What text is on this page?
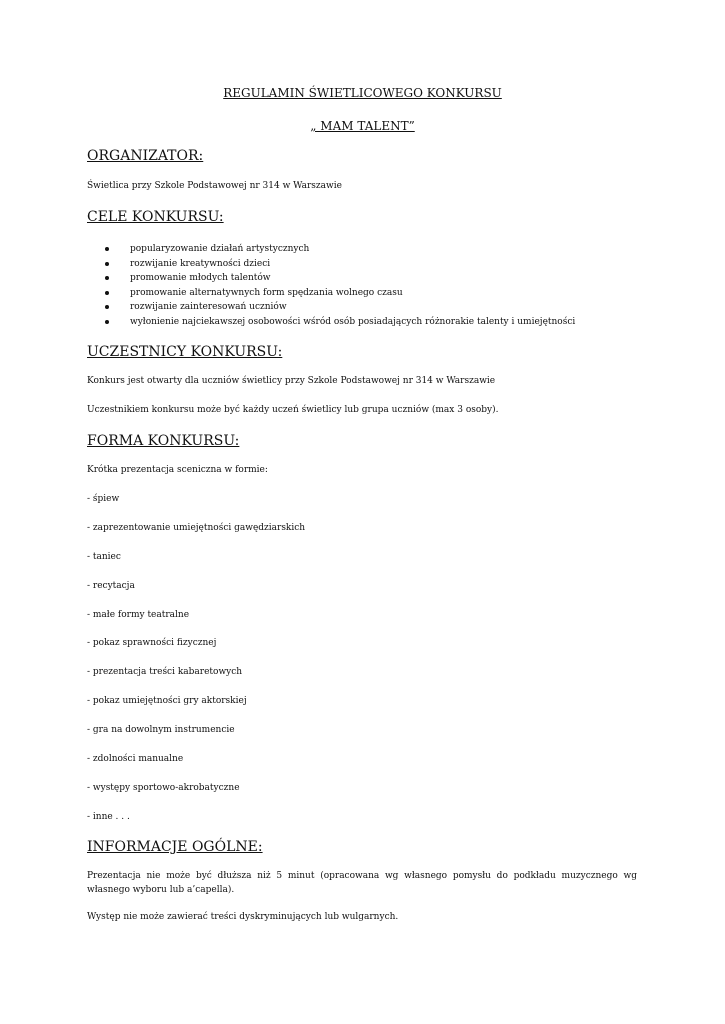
REGULAMIN ŚWIETLICOWEGO KONKURSU
„ MAM TALENT”
ORGANIZATOR:
Świetlica przy Szkole Podstawowej nr 314 w Warszawie
CELE KONKURSU:
popularyzowanie działań artystycznych
rozwijanie kreatywności dzieci
promowanie młodych talentów
promowanie alternatywnych form spędzania wolnego czasu
rozwijanie zainteresowań uczniów
wyłonienie najciekawszej osobowości wśród osób posiadających różnorakie talenty i umiejętności
UCZESTNICY KONKURSU:
Konkurs jest otwarty dla uczniów świetlicy przy Szkole Podstawowej nr 314 w Warszawie
Uczestnikiem konkursu może być każdy uczeń świetlicy lub grupa uczniów (max 3 osoby).
FORMA KONKURSU:
Krótka prezentacja sceniczna w formie:
- śpiew
- zaprezentowanie umiejętności gawędziarskich
- taniec
- recytacja
- małe formy teatralne
- pokaz sprawności fizycznej
- prezentacja treści kabaretowych
- pokaz umiejętności gry aktorskiej
- gra na dowolnym instrumencie
- zdolności manualne
- występy sportowo-akrobatyczne
- inne . . .
INFORMACJE OGÓLNE:
Prezentacja nie może być dłuższa niż 5 minut (opracowana wg własnego pomysłu do podkładu muzycznego wg własnego wyboru lub a’capella).
Występ nie może zawierać treści dyskryminujących lub wulgarnych.
